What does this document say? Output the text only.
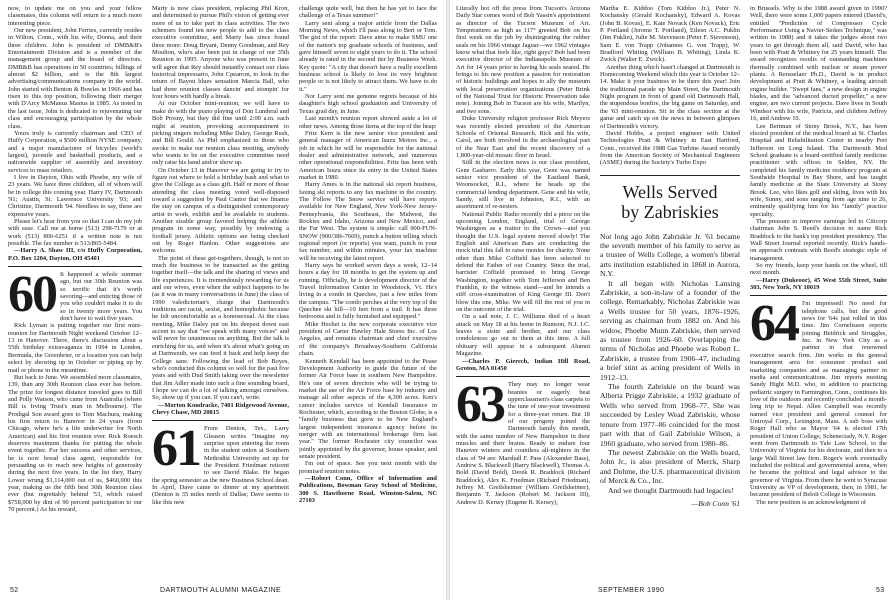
now, to update me on you and your fellow classmates, this column will return to a much more interesting piece.

Our new president, John Ferries, currently resides in Wilton, Conn., with his wife, Donna, and their three children. John is president of DMB&B's Entertainment Division and is a member of the management group and the board of directors. DMB&B has operations in 50 countries; billings of almost $2 billion, and is the 8th largest advertising/communications company in the world. John started with Benton & Bowles in 1966 and has risen to this top position, following their merger with D'Arcy McManus Masius in 1985. As noted in the last issue, John is dedicated to rejuvenating our class and encouraging participation by the whole class.

Yours truly is currently chairman and CEO of Huffy Corporation, a $500 million NYSE company, and a major manufacturer of bicycles (world's largest), juvenile and basketball products, and a nationwide supplier of assembly and inventory services to mass retailers.

I live in Dayton, Ohio with Phoebe, my wife of 23 years. We have three children, all of whom will be in college this coming year. Harry IV, Dartmouth '91; Austin, St. Lawrence University '93; and Christine, Dartmouth '94. Needless to say, these are expensive years.

Please let's hear from you so that I can do my job with ease. Call me at home (513) 298-7179 or at work (513) 866-6251 if a written note is not possible. The fax number is 513/865-5484.

—Harry A. Shaw III, c/o Huffy Corporation, P.O. Box 1204, Dayton, OH 45401

60 It happened a whole summer ago, but our 30th Reunion was so terrific that it's worth savoring—and enticing those of you who couldn't make it to do so in twenty more years. You don't have to wait five years.

Rick Lyman is putting together our first mini-reunion for Dartmouth Night weekend October 12–13 in Hanover. There, there's discussion about a 55th birthday extravaganza in 1994 in London, Bermuda, the Greenbrier, or a location you can help select by showing up in October or piping up by mail or phone in the meantime.

But back to June. We assembled more classmates, 139, than any 30th Reunion class ever has before. The prize for longest distance traveled goes to Bill and Polly Watson, who came from Australia (where Bill is Irving Trust's man in Melbourne). The Prodigal Son award goes to Tom Machura, making his first return to Hanover in 24 years (from Chicago, where he's a life underwriter for North American) and his first reunion ever. Rick Roesch deserves maximum thanks for putting the whole event together. For her success and other services, he is now bread class agent, responsible for persuading us to reach new heights of generosity during the next five years. In the list they, Harry Lower wrung $1,114,000 out of us, $460,000 this year, making us the fifth best 30th Reunion class ever (but regrettably behind '53, which raised $758,000 by dint of 90 percent participation to our 70 percent.) As his reward,

Marty is now class president, replacing Phil Kron, and determined to pursue Phil's vision of getting ever more of us to take part in class activities. The two schemers found ten new people to add to the class executive committee, and Marty has since found three more: Doug Bryant, Denny Goodman, and Rey Moulton, who's also been put in charge of our 35th Reunion in 1995. Anyone who was present in June will agree that Rey should instantly contact our class historical impressario, John Cpearron, to look in the return of Bayou blues sensation Marcia Ball, who had three reunion classes dancin' and stompin' for four hours with hardly a break.

At our October mini-reunion, we will have to make do with the piano playing of Don Lunderal and Bob Prosny, but they did fine until 2:00 a.m. each night at reunion, provoking accompaniment to picking singers including Mike Daley, George Rush, and Bill Gould. As Phil emphasized to those who awoke to make our reunion class meeting, anybody who wants to be on the executive committee need only raise his hand and/or show up.

On October 13 in Hanover we are going to try to figure out where to hold a birthday bash and what to give the College as a class gift. Half or more of those attending the class meeting voted well-disposed toward a suggestion by Paul Cantor that we finance the stay on campus of a distinguished contemporary artist to work, exhibit and be available to students. Another sizable group favored helping the athletic program in some way, possibly by endowing a football jersey. Athletic options are being checked out by Roger Hanlon. Other suggestions are welcome.

The point of these get-togethers, though, is not so much the business to be transacted as the getting together itself—the talk and the sharing of views and life experiences. It is tremendously rewarding for us and our wives, even when the subject happens to be (as it was in many conversations in June) the class of 1990 valedictorian's charge that Dartmouth's traditions are racist, sexist, and homophobic because he felt uncomfortable as a homosexual. At the class meeting, Mike Daley put on his deepest down east accent to say that "we speak with many voices" and will never be unanimous on anything. But the talk is enriching for us, and when it's about what's going on at Dartmouth, we can feed it back and help keep the College sane. Following the lead of Bob Boyes, who's conducted this column so well for the past five years and with Dud Smith taking over the newsletter that Jim Adler made into such a fine sounding board, I hope we can do a lot of talking amongst ourselves. So, show up if you can. If you can't, write.

—Morton Kondracke, 7401 Ridgewood Avenue, Chevy Chase, MD 20815

61 From Denton, Tex., Larry Gleason writes "Imagine my surprise upon entering the room in the student union at Southern Methodist University set up for the President Friedman reticent to see David Blake. He began the spring semester as the new Business School dean. In April, Dave came to dinner at my apartment (Denton is 35 miles north of Dallas; Dave seems to like this new

challenge quite well, but then he has yet to face the challenge of a Texas summer!"

Larry sent along a major article from the Dallas Morning News, which I'll pass along to Bert or Tom. The gist of the report: Dave aims to make SMU one of the nation's top graduate schools of business, and gave himself seven to eight years to do it. The school already is rated in the second tier by Business Week. Key quote: "A city that doesn't have a really excellent business school is likely to lose its very brightest people or is not likely to attract them. We have to do it."

Nor Larry sent me genuine regrets because of his daughter's high school graduation and University of Texas grad day, in June.

Last month's reunion report showed aside a lot of other news. Among those items at the top of the heap:

Fritz Kern is the new senior vice president and general manager of American Isuzu Motors Inc., a job in which he will be responsible for the national dealer and administrative network, and numerous other operational responsibilities. Fritz has been with American Isuzu since its entry in the United States market in 1980.

Harry Ames is in the national ski report business, faxing ski reports to any fax machine in the country. The Follow The Snow service will have reports available for New England, New York-New Jersey-Pennsylvania, the Southeast, the Midwest, the Rockies and Idaho, Arizona and New Mexico, and the Far West. The system is simple: call 900-FUN-SNOW (900/386-7669), punch a button telling which regional report (or reports) you want, punch in your fax number, and within minutes, your fax machine will be receiving the latest report.

Harry says he worked seven days a week, 12–14 hours a day for 18 months to get the system up and running. Officially, he is development director of the Travel Information Center in Woodstock, Vt. He's living in a condo in Quechee, just a few miles from the campus. "The condo perches at the very top of the Quechee ski hill—10 feet from a trail. It has three bedrooms and is fully furnished and equipped."

Mike Hechet is the new corporate executive vice president of Carter Hawley Hale Stores Inc. of Los Angeles, and remains chairman and chief executive of the company's Broadway-Southern California chain.

Kenneth Kendall has been appointed to the Pease Development Authority to guide the future of the former Air Force base in southern New Hampshire. He's one of seven directors who will be trying to market the use of the Air Force base by industry and manage all other aspects of the 4,300 acres. Ken's career includes service of Kendall Insurance in Rochester, which, according to the Boston Globe, is a "family business that grew to be New England's largest independent insurance agency before its merger with an international brokerage firm last year." The former Rochester city councilor was jointly appointed by the governor, house speaker, and senate president.

I'm out of space. See you next month with the promised reunion notes.

—Robert Conn, Office of Information and Publications, Bowman Gray School of Medicine, 300 S. Hawthorne Road, Winston-Salem, NC 27103

52	DARTMOUTH ALUMNI MAGAZINE

Literally hot off the press from Tucson's Arizona Daily Star comes word of Bob Yassin's appointment as director of the Tucson Museum of Art. Temperatures as high as 117° greeted Bob on his first week on the job by disintegrating the rubber seals on his 1966 vintage Jaguar—we 1962 vintages know what that feels like, right guys? Bob had been executive director of the Indianapolis Museum of Art for 14 years prior to having his seals seared. He brings to his new position a passion for restoration of historic buildings and hopes to ally the museum with local preservation organizations (Peter Brink of the National Trust for Historic Preservation take note). Joining Bob in Tucson are his wife, Marilyn, and two sons.

Duke University religion professor Rick Meyers was recently elected president of the American Schools of Oriental Research. Rick and his wife, Carol, are both involved in the archaeological part of the Near East and the recent discovery of a 1,800-year-old mosaic floor in Israel.

Still in the election news is our class president, Gene Gasbarro. Early this year, Gene was named senior vice president of the Eastland Bank, Woonsocket, R.I., where he heads up the commercial lending department. Gene and his wife, Sandy, still live in Johnston, R.I., with an assortment of re-nesters.

National Public Radio recently did a piece on the upcoming London, England, trial of George Washington as a traitor to the Crown—and you thought the U.S. legal system moved slowly! The English and American Bars are conducting the mock trial this fall to raise monies for charity. None other than Mike Coffield has been selected to defend the Father of our Country. Since the trial, barrister Coffield promised to bring George Washington, together with Tom Jefferson and Ben Franklin, to the witness stand—and he intends a stiff cross-examination of King George III. Don't blow this one, Mike. We will fill the rest of you in on the outcome of the trial.

On a sad note, J. C. Williams died of a heart attack on May 18 at his home in Rumson, N.J. J.C. leaves a sister and brother, and our class condolences go out to them at this time. A full obituary will appear in a subsequent Alumni Magazine.

—Charles P. Gierech, Indian Hill Road, Groton, MA 01450

63 They may no longer wear beanies or eagerly beat upperclassmen's class carpets to the tune of one-year investment for a three-year return. But 18 of our progeny joined the Dartmouth family this month, with the same number of New Hampshire in their muscles and their brains. Ready to endure four Hanover winters and countless all-nighters in the class of '94 are: Marshall F. Pass (Alexander Bass), Andrew S. Blackwell (Barry Blackwell), Thomas A. Bold (David Bold), Derek R. Braddock (Richard Braddock), Alex K. Friedman (Richard Friedman), Jeffrey M. Greilsheimer (William Greilsheimer), Benjamin T. Jackson (Robert M. Jackson III), Andrew D. Kersey (Eugene R. Kersey),

Martha E. Kiddoo (Tom Kiddoo Jr.), Peter N. Kochansky (Gerald Kochansky), Edward A. Kovas (John B. Kovas), E. Kate Novack (Ken Novack), Eric P. Portland (Jerome T. Portland), Eileen A.C. Puklin (Jim Puklin), Julie M. Stevenson (Peter F. Stevenson), Sam E. von Trapp (Johannes G. von Trapp), W. Bradford Whiting (William B. Whiting), Linda K. Zwick (Walter E. Zwick).

Another thing which hasn't changed at Dartmouth is Homecoming Weekend which this year is October 12–14. Make it your business to be there this year! Join the traditional parade up Main Street, the Dartmouth Night program in front of grand old Dartmouth Hall, the stupendous bonfire, the big game on Saturday, and the '63 mini-reunion. Sit in the class section at the game and catch up on the news in between glimpses of Dartmouth's victory.

David Hobbs, a project engineer with United Technologies Pratt & Whitney in East Hartford, Conn., received the 1988 Gas Turbine Award recently from the American Society of Mechanical Engineers (ASME) during the Society's Turbo Expo

Wells Served
by Zabriskies

Not long ago John Zabriskie Jr. '61 became the seventh member of his family to serve as a trustee of Wells College, a women's liberal arts institution established in 1868 in Aurora, N.Y.

It all began with Nicholas Lansing Zabriskie, a son-in-law of a founder of the college. Remarkably, Nicholas Zabriskie was a Wells trustee for 50 years, 1876–1926, serving as chairman from 1882 on. And his widow, Phoebe Munn Zabriskie, then served as trustee from 1926–60. Overlapping the terms of Nicholas and Phoebe was Robert L. Zabriskie, a trustee from 1906–47, including a brief stint as acting president of Wells in 1912–13.

The fourth Zabriskie on the board was Alberta Prigge Zabriskie, a 1932 graduate of Wells who served from 1968–77. She was succeeded by Lesley Wead Zabriskie, whose tenure from 1977–86 coincided for the most part with that of Gail Zabriskie Wilson, a 1960 graduate, who served from 1980–86.

The newest Zabriskie on the Wells board, John Jr., is also president of Merck, Sharp and Dohme, the U.S. pharmaceutical division of Merck & Co., Inc.

And we thought Dartmouth had legacies!

—Bob Conn '61

in Brussels. Why is the 1988 award given in 1990? Well, there were some 1,000 papers entered (David's, entitled "Prediction of Compressor Cycle Performance Using a Navier-Stokes Technique," was written in 1988) and it takes the judges about two years to get through them all, said David, who has been with Pratt & Whitney for 25 years himself. The award recognizes results of outstanding machines thermally combined with nuclear or steam power plants. A Rensselaer Ph.D., David is in product development at Pratt & Whitney, a leading aircraft engine builder. "Swept fans," a new design in engine blades, and the "advanced ducted propeller," a new engine, are two current projects. Dave lives in South Windsor with his wife, Patricia, and children Jeffrey 16, and Andrew 10.

Lee Bertman of Stony Brook, N.Y., has been elected president of the medical board at St. Charles Hospital and Rehabilitation Center in nearby Port Jefferson on Long Island. The Dartmouth Med School graduate is a board-certified family medicine practitioner with offices in Selden, NY. He completed his family medicine residency program at Southside Hospital in Bay Shore, and has taught family medicine at the State University at Stony Brook. Lee, who likes golf and skiing, lives with his wife, Sunny, and sons ranging from age nine to 26, eminently qualifying him for his "family" practice specialty.

The pressure to improve earnings led to Citicorp chairman John S. Reed's decision to name Rick Braddock to the bank's top president presidency. The Wall Street Journal reported recently. Rick's hands-on approach contrasts with Reed's strategic style of management.

So my friends, keep your hands on the wheel, till next month.

—Harry (Dukeoor), 45 West 55th Street, Suite 303, New York, NY 10019

64 I'm impressed! No need for telephone calls, but the good news for '64s just rolled in this time. Jim Cornelissen reports joining Heidrick and Struggles, Inc. in New York City as a partner in that renowned executive search firm. Jim works in the general management area for consumer product and marketing companies and as managing partner in media and communications. Jim reports meeting Sandy Hight M.D. who, in addition to practicing pediatric surgery in Farmington, Conn., continues his love of the outdoors and recently concluded a month-long trip to Nepal. Allen Campbell was recently named vice president and general counsel for Uniroyal Corp., Lexington, Mass. A sub boss with Roger Hall who as Mayor '64 is elected 17th president of Union College, Schenectady, N.Y. Roger went from Dartmouth to Yale Law School, to the University of Virginia for his doctorate, and then to a large Wall Street law firm. Roger's work eventually included the political and governmental arena, when he became the political and legal advisor to the governor of Virginia. From there he went to Syracuse University as VP of development, then, in 1981, he became president of Beloit College in Wisconsin.

The new position is an acknowledgment of

SEPTEMBER 1990	53
